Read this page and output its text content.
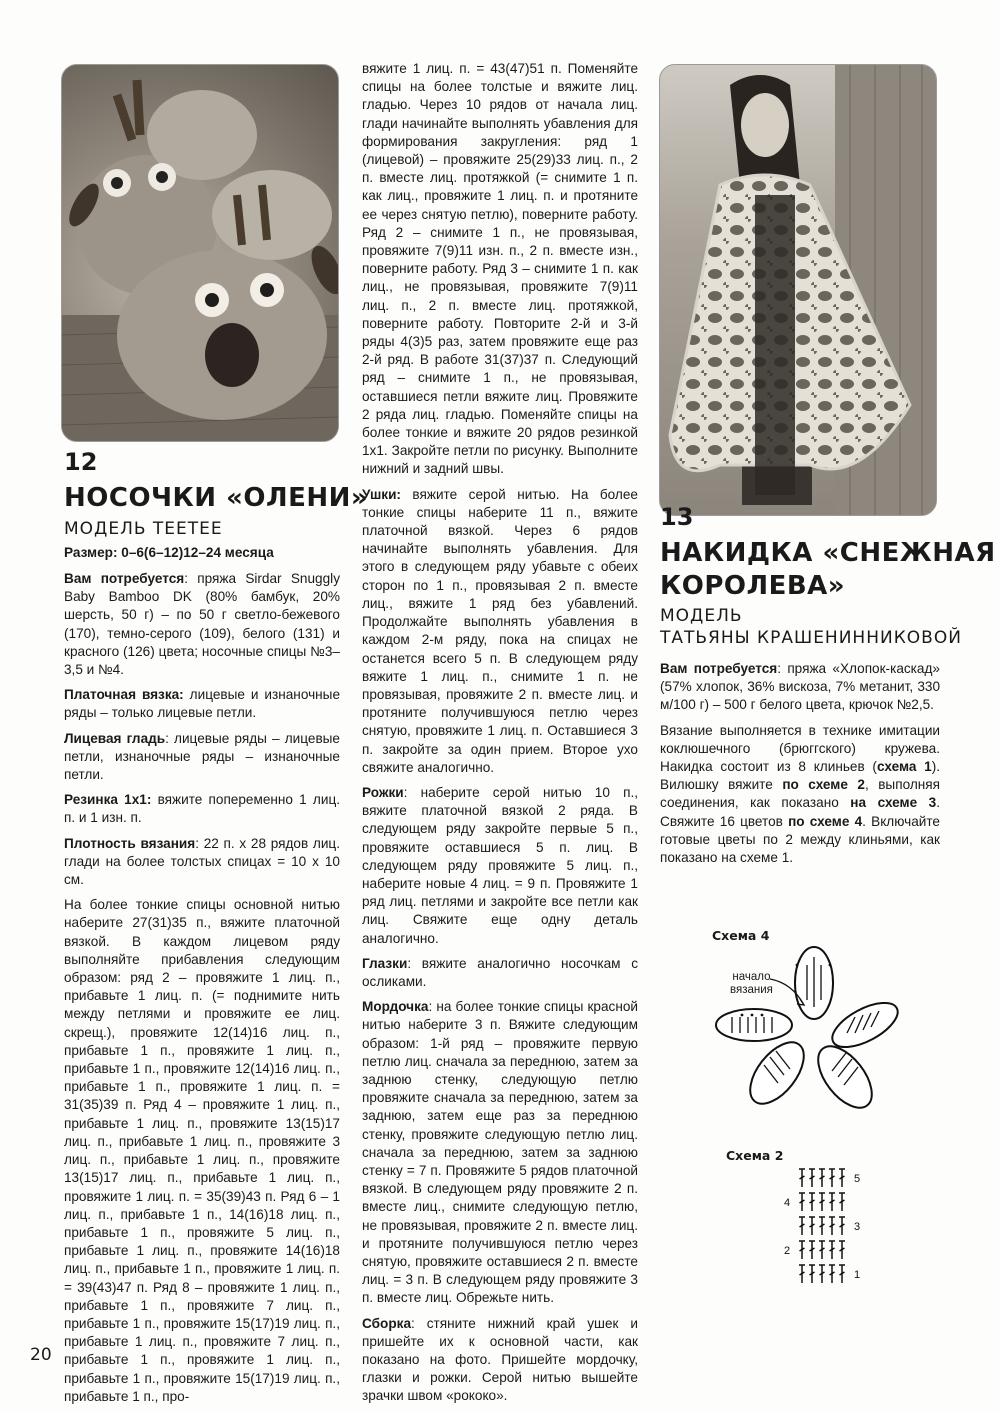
12
НОСОЧКИ «ОЛЕНИ»
МОДЕЛЬ TEETEE
Размер: 0–6(6–12)12–24 месяца

Вам потребуется: пряжа Sirdar Snuggly Baby Bamboo DK (80% бамбук, 20% шерсть, 50 г) – по 50 г светло-бежевого (170), темно-серого (109), белого (131) и красного (126) цвета; носочные спицы №3–3,5 и №4.

Платочная вязка: лицевые и изнаночные ряды – только лицевые петли.

Лицевая гладь: лицевые ряды – лицевые петли, изнаночные ряды – изнаночные петли.

Резинка 1х1: вяжите попеременно 1 лиц. п. и 1 изн. п.

Плотность вязания: 22 п. х 28 рядов лиц. глади на более толстых спицах = 10 х 10 см.

На более тонкие спицы основной нитью наберите 27(31)35 п., вяжите платочной вязкой. В каждом лицевом ряду выполняйте прибавления следующим образом: ряд 2 – провяжите 1 лиц. п., прибавьте 1 лиц. п. (= поднимите нить между петлями и провяжите ее лиц. скрещ.), провяжите 12(14)16 лиц. п., прибавьте 1 п., провяжите 1 лиц. п., прибавьте 1 п., провяжите 12(14)16 лиц. п., прибавьте 1 п., провяжите 1 лиц. п. = 31(35)39 п. Ряд 4 – провяжите 1 лиц. п., прибавьте 1 лиц. п., провяжите 13(15)17 лиц. п., прибавьте 1 лиц. п., провяжите 3 лиц. п., прибавьте 1 лиц. п., провяжите 13(15)17 лиц. п., прибавьте 1 лиц. п., провяжите 1 лиц. п. = 35(39)43 п. Ряд 6 – 1 лиц. п., прибавьте 1 п., 14(16)18 лиц. п., прибавьте 1 п., провяжите 5 лиц. п., прибавьте 1 лиц. п., провяжите 14(16)18 лиц. п., прибавьте 1 п., провяжите 1 лиц. п. = 39(43)47 п. Ряд 8 – провяжите 1 лиц. п., прибавьте 1 п., провяжите 7 лиц. п., прибавьте 1 п., провяжите 15(17)19 лиц. п., прибавьте 1 лиц. п., провяжите 7 лиц. п., прибавьте 1 п., провяжите 1 лиц. п., прибавьте 1 п., провяжите 15(17)19 лиц. п., прибавьте 1 п., про-

вяжите 1 лиц. п. = 43(47)51 п. Поменяйте спицы на более толстые и вяжите лиц. гладью. Через 10 рядов от начала лиц. глади начинайте выполнять убавления для формирования закругления: ряд 1 (лицевой) – провяжите 25(29)33 лиц. п., 2 п. вместе лиц. протяжкой (= снимите 1 п. как лиц., провяжите 1 лиц. п. и протяните ее через снятую петлю), поверните работу. Ряд 2 – снимите 1 п., не провязывая, провяжите 7(9)11 изн. п., 2 п. вместе изн., поверните работу. Ряд 3 – снимите 1 п. как лиц., не провязывая, провяжите 7(9)11 лиц. п., 2 п. вместе лиц. протяжкой, поверните работу. Повторите 2-й и 3-й ряды 4(3)5 раз, затем провяжите еще раз 2-й ряд. В работе 31(37)37 п. Следующий ряд – снимите 1 п., не провязывая, оставшиеся петли вяжите лиц. Провяжите 2 ряда лиц. гладью. Поменяйте спицы на более тонкие и вяжите 20 рядов резинкой 1х1. Закройте петли по рисунку. Выполните нижний и задний швы.

Ушки: вяжите серой нитью. На более тонкие спицы наберите 11 п., вяжите платочной вязкой. Через 6 рядов начинайте выполнять убавления. Для этого в следующем ряду убавьте с обеих сторон по 1 п., провязывая 2 п. вместе лиц., вяжите 1 ряд без убавлений. Продолжайте выполнять убавления в каждом 2-м ряду, пока на спицах не останется всего 5 п. В следующем ряду вяжите 1 лиц. п., снимите 1 п. не провязывая, провяжите 2 п. вместе лиц. и протяните получившуюся петлю через снятую, провяжите 1 лиц. п. Оставшиеся 3 п. закройте за один прием. Второе ухо свяжите аналогично.

Рожки: наберите серой нитью 10 п., вяжите платочной вязкой 2 ряда. В следующем ряду закройте первые 5 п., провяжите оставшиеся 5 п. лиц. В следующем ряду провяжите 5 лиц. п., наберите новые 4 лиц. = 9 п. Провяжите 1 ряд лиц. петлями и закройте все петли как лиц. Свяжите еще одну деталь аналогично.

Глазки: вяжите аналогично носочкам с осликами.

Мордочка: на более тонкие спицы красной нитью наберите 3 п. Вяжите следующим образом: 1-й ряд – провяжите первую петлю лиц. сначала за переднюю, затем за заднюю стенку, следующую петлю провяжите сначала за переднюю, затем за заднюю, затем еще раз за переднюю стенку, провяжите следующую петлю лиц. сначала за переднюю, затем за заднюю стенку = 7 п. Провяжите 5 рядов платочной вязкой. В следующем ряду провяжите 2 п. вместе лиц., снимите следующую петлю, не провязывая, провяжите 2 п. вместе лиц. и протяните получившуюся петлю через снятую, провяжите оставшиеся 2 п. вместе лиц. = 3 п. В следующем ряду провяжите 3 п. вместе лиц. Обрежьте нить.

Сборка: стяните нижний край ушек и пришейте их к основной части, как показано на фото. Пришейте мордочку, глазки и рожки. Серой нитью вышейте зрачки швом «рококо».

13
НАКИДКА «СНЕЖНАЯ
КОРОЛЕВА»
МОДЕЛЬ
ТАТЬЯНЫ КРАШЕНИННИКОВОЙ

Вам потребуется: пряжа «Хлопок-каскад» (57% хлопок, 36% вискоза, 7% метанит, 330 м/100 г) – 500 г белого цвета, крючок №2,5.

Вязание выполняется в технике имитации коклюшечного (брюггского) кружева. Накидка состоит из 8 клиньев (схема 1). Вилюшку вяжите по схеме 2, выполняя соединения, как показано на схеме 3. Свяжите 16 цветов по схеме 4. Включайте готовые цветы по 2 между клиньями, как показано на схеме 1.

Схема 4
начало
вязания
Схема 2
5
4
3
2
1
20
